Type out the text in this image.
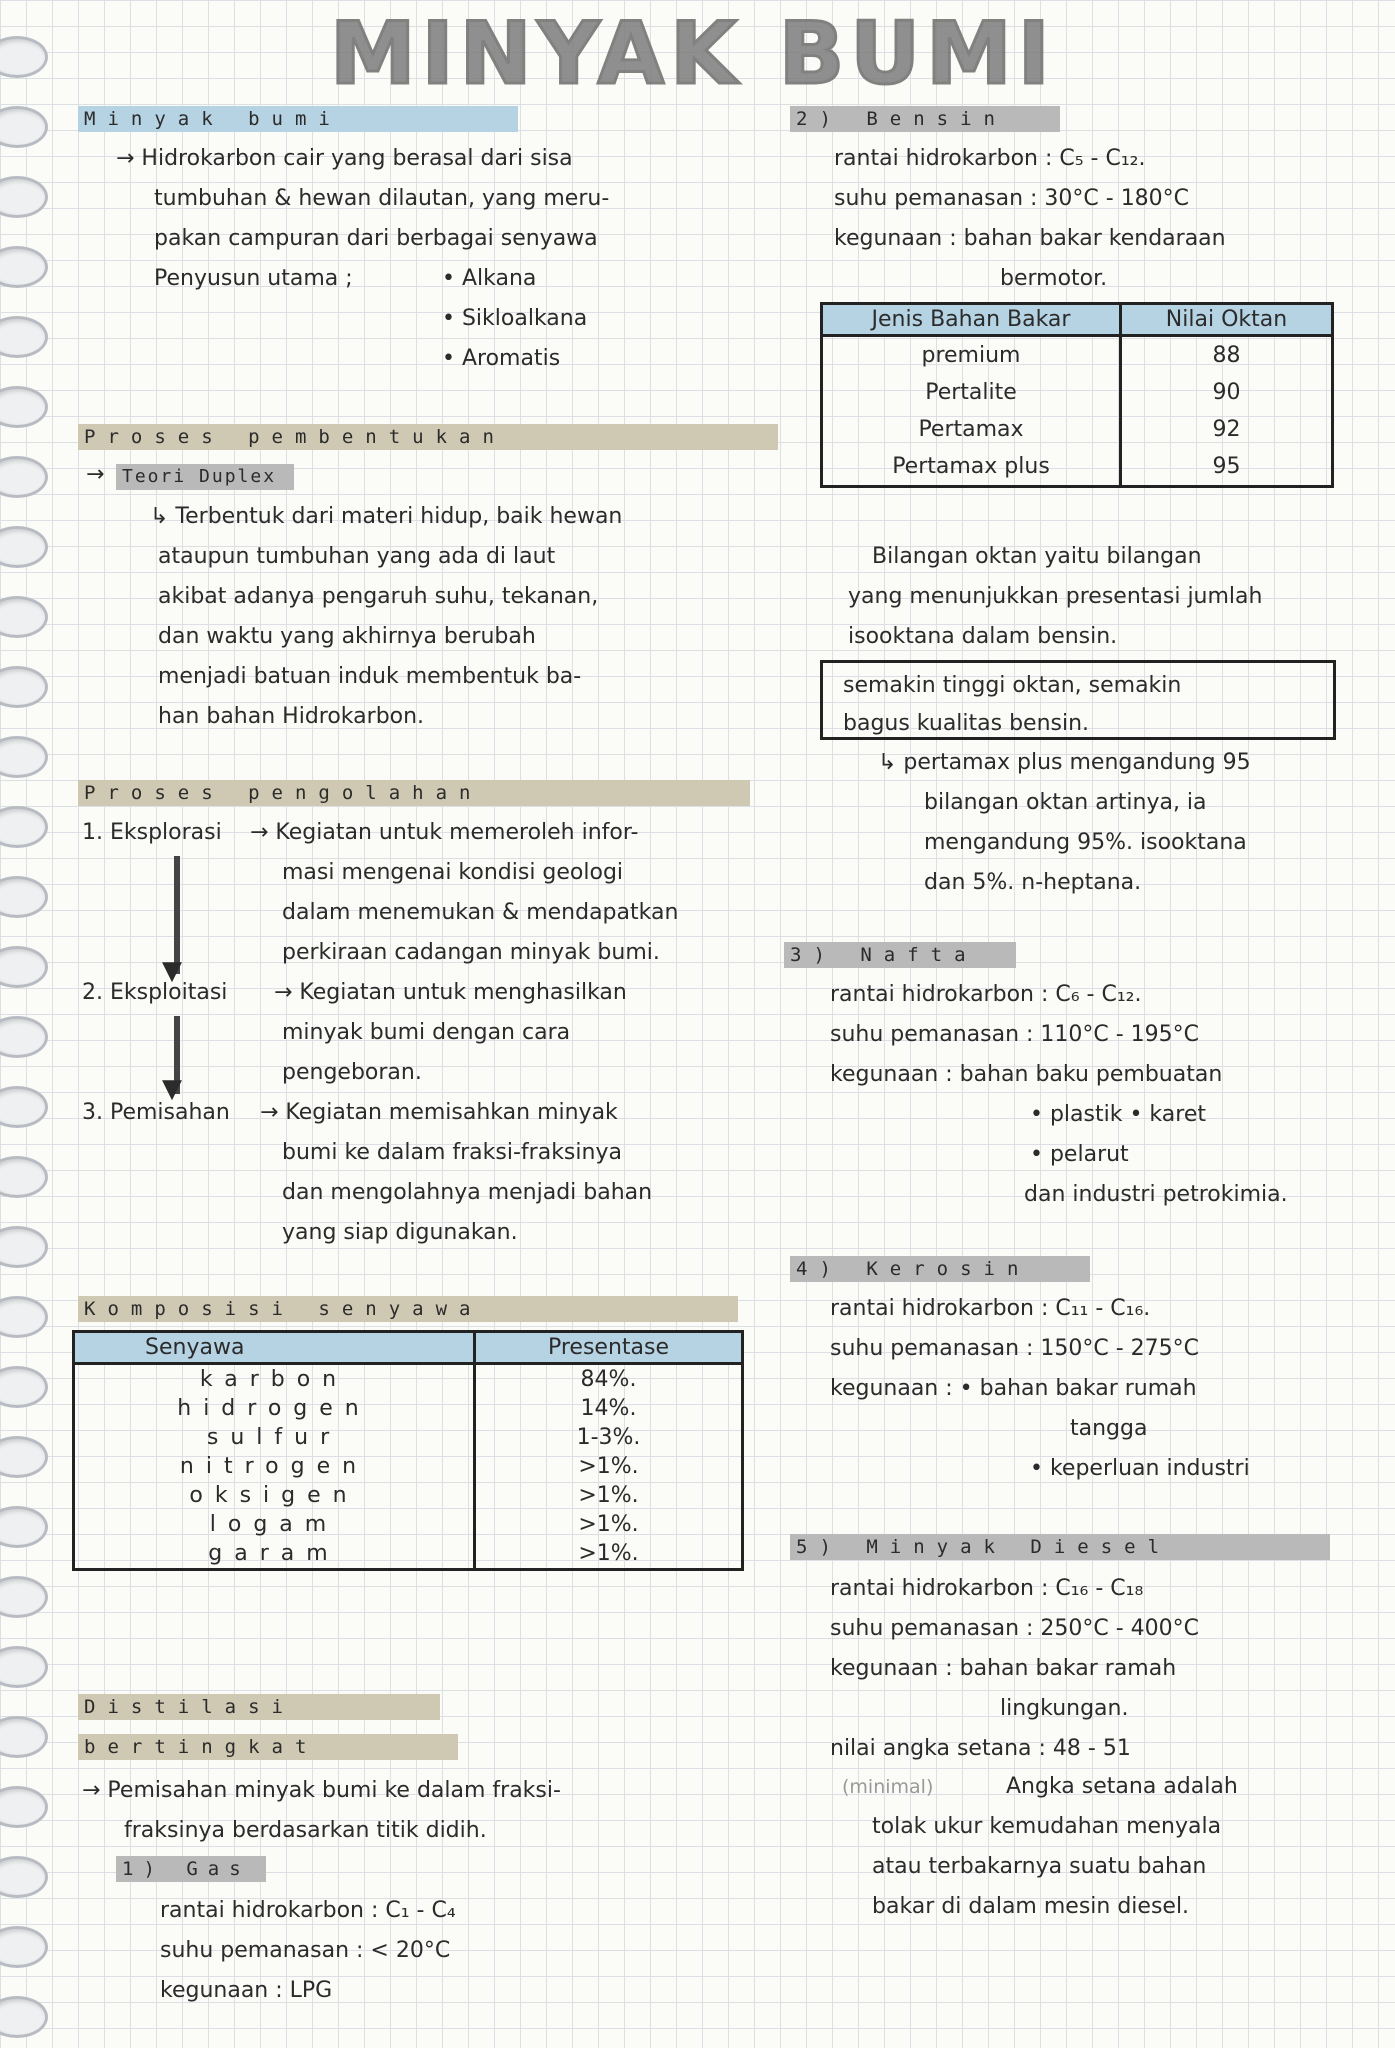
MINYAK BUMI
Minyak bumi
→ Hidrokarbon cair yang berasal dari sisa
tumbuhan & hewan dilautan, yang meru-
pakan campuran dari berbagai senyawa
Penyusun utama ;	• Alkana
• Sikloalkana
• Aromatis
Proses pembentukan
→ Teori Duplex
↳ Terbentuk dari materi hidup, baik hewan
ataupun tumbuhan yang ada di laut
akibat adanya pengaruh suhu, tekanan,
dan waktu yang akhirnya berubah
menjadi batuan induk membentuk ba-
han bahan Hidrokarbon.
Proses pengolahan
1. Eksplorasi → Kegiatan untuk memeroleh infor-
masi mengenai kondisi geologi
dalam menemukan & mendapatkan
perkiraan cadangan minyak bumi.
▼
2. Eksploitasi → Kegiatan untuk menghasilkan
minyak bumi dengan cara
pengeboran.
▼
3. Pemisahan → Kegiatan memisahkan minyak
bumi ke dalam fraksi-fraksinya
dan mengolahnya menjadi bahan
yang siap digunakan.
Komposisi senyawa
Senyawa	Presentase
karbon	84%.
hidrogen	14%.
sulfur	1-3%.
nitrogen	>1%.
oksigen	>1%.
logam	>1%.
garam	>1%.
Distilasi
bertingkat
→ Pemisahan minyak bumi ke dalam fraksi-
fraksinya berdasarkan titik didih.
1) Gas
rantai hidrokarbon : C₁ - C₄
suhu pemanasan : < 20°C
kegunaan : LPG
2) Bensin
rantai hidrokarbon : C₅ - C₁₂.
suhu pemanasan : 30°C - 180°C
kegunaan : bahan bakar kendaraan
bermotor.
Jenis Bahan Bakar	Nilai Oktan
premium	88
Pertalite	90
Pertamax	92
Pertamax plus	95
Bilangan oktan yaitu bilangan
yang menunjukkan presentasi jumlah
isooktana dalam bensin.
semakin tinggi oktan, semakin
bagus kualitas bensin.
↳ pertamax plus mengandung 95
bilangan oktan artinya, ia
mengandung 95%. isooktana
dan 5%. n-heptana.
3) Nafta
rantai hidrokarbon : C₆ - C₁₂.
suhu pemanasan : 110°C - 195°C
kegunaan : bahan baku pembuatan
• plastik • karet
• pelarut
dan industri petrokimia.
4) Kerosin
rantai hidrokarbon : C₁₁ - C₁₆.
suhu pemanasan : 150°C - 275°C
kegunaan : • bahan bakar rumah
tangga
• keperluan industri
5) Minyak Diesel
rantai hidrokarbon : C₁₆ - C₁₈
suhu pemanasan : 250°C - 400°C
kegunaan : bahan bakar ramah
lingkungan.
nilai angka setana : 48 - 51
(minimal)	Angka setana adalah
tolak ukur kemudahan menyala
atau terbakarnya suatu bahan
bakar di dalam mesin diesel.
